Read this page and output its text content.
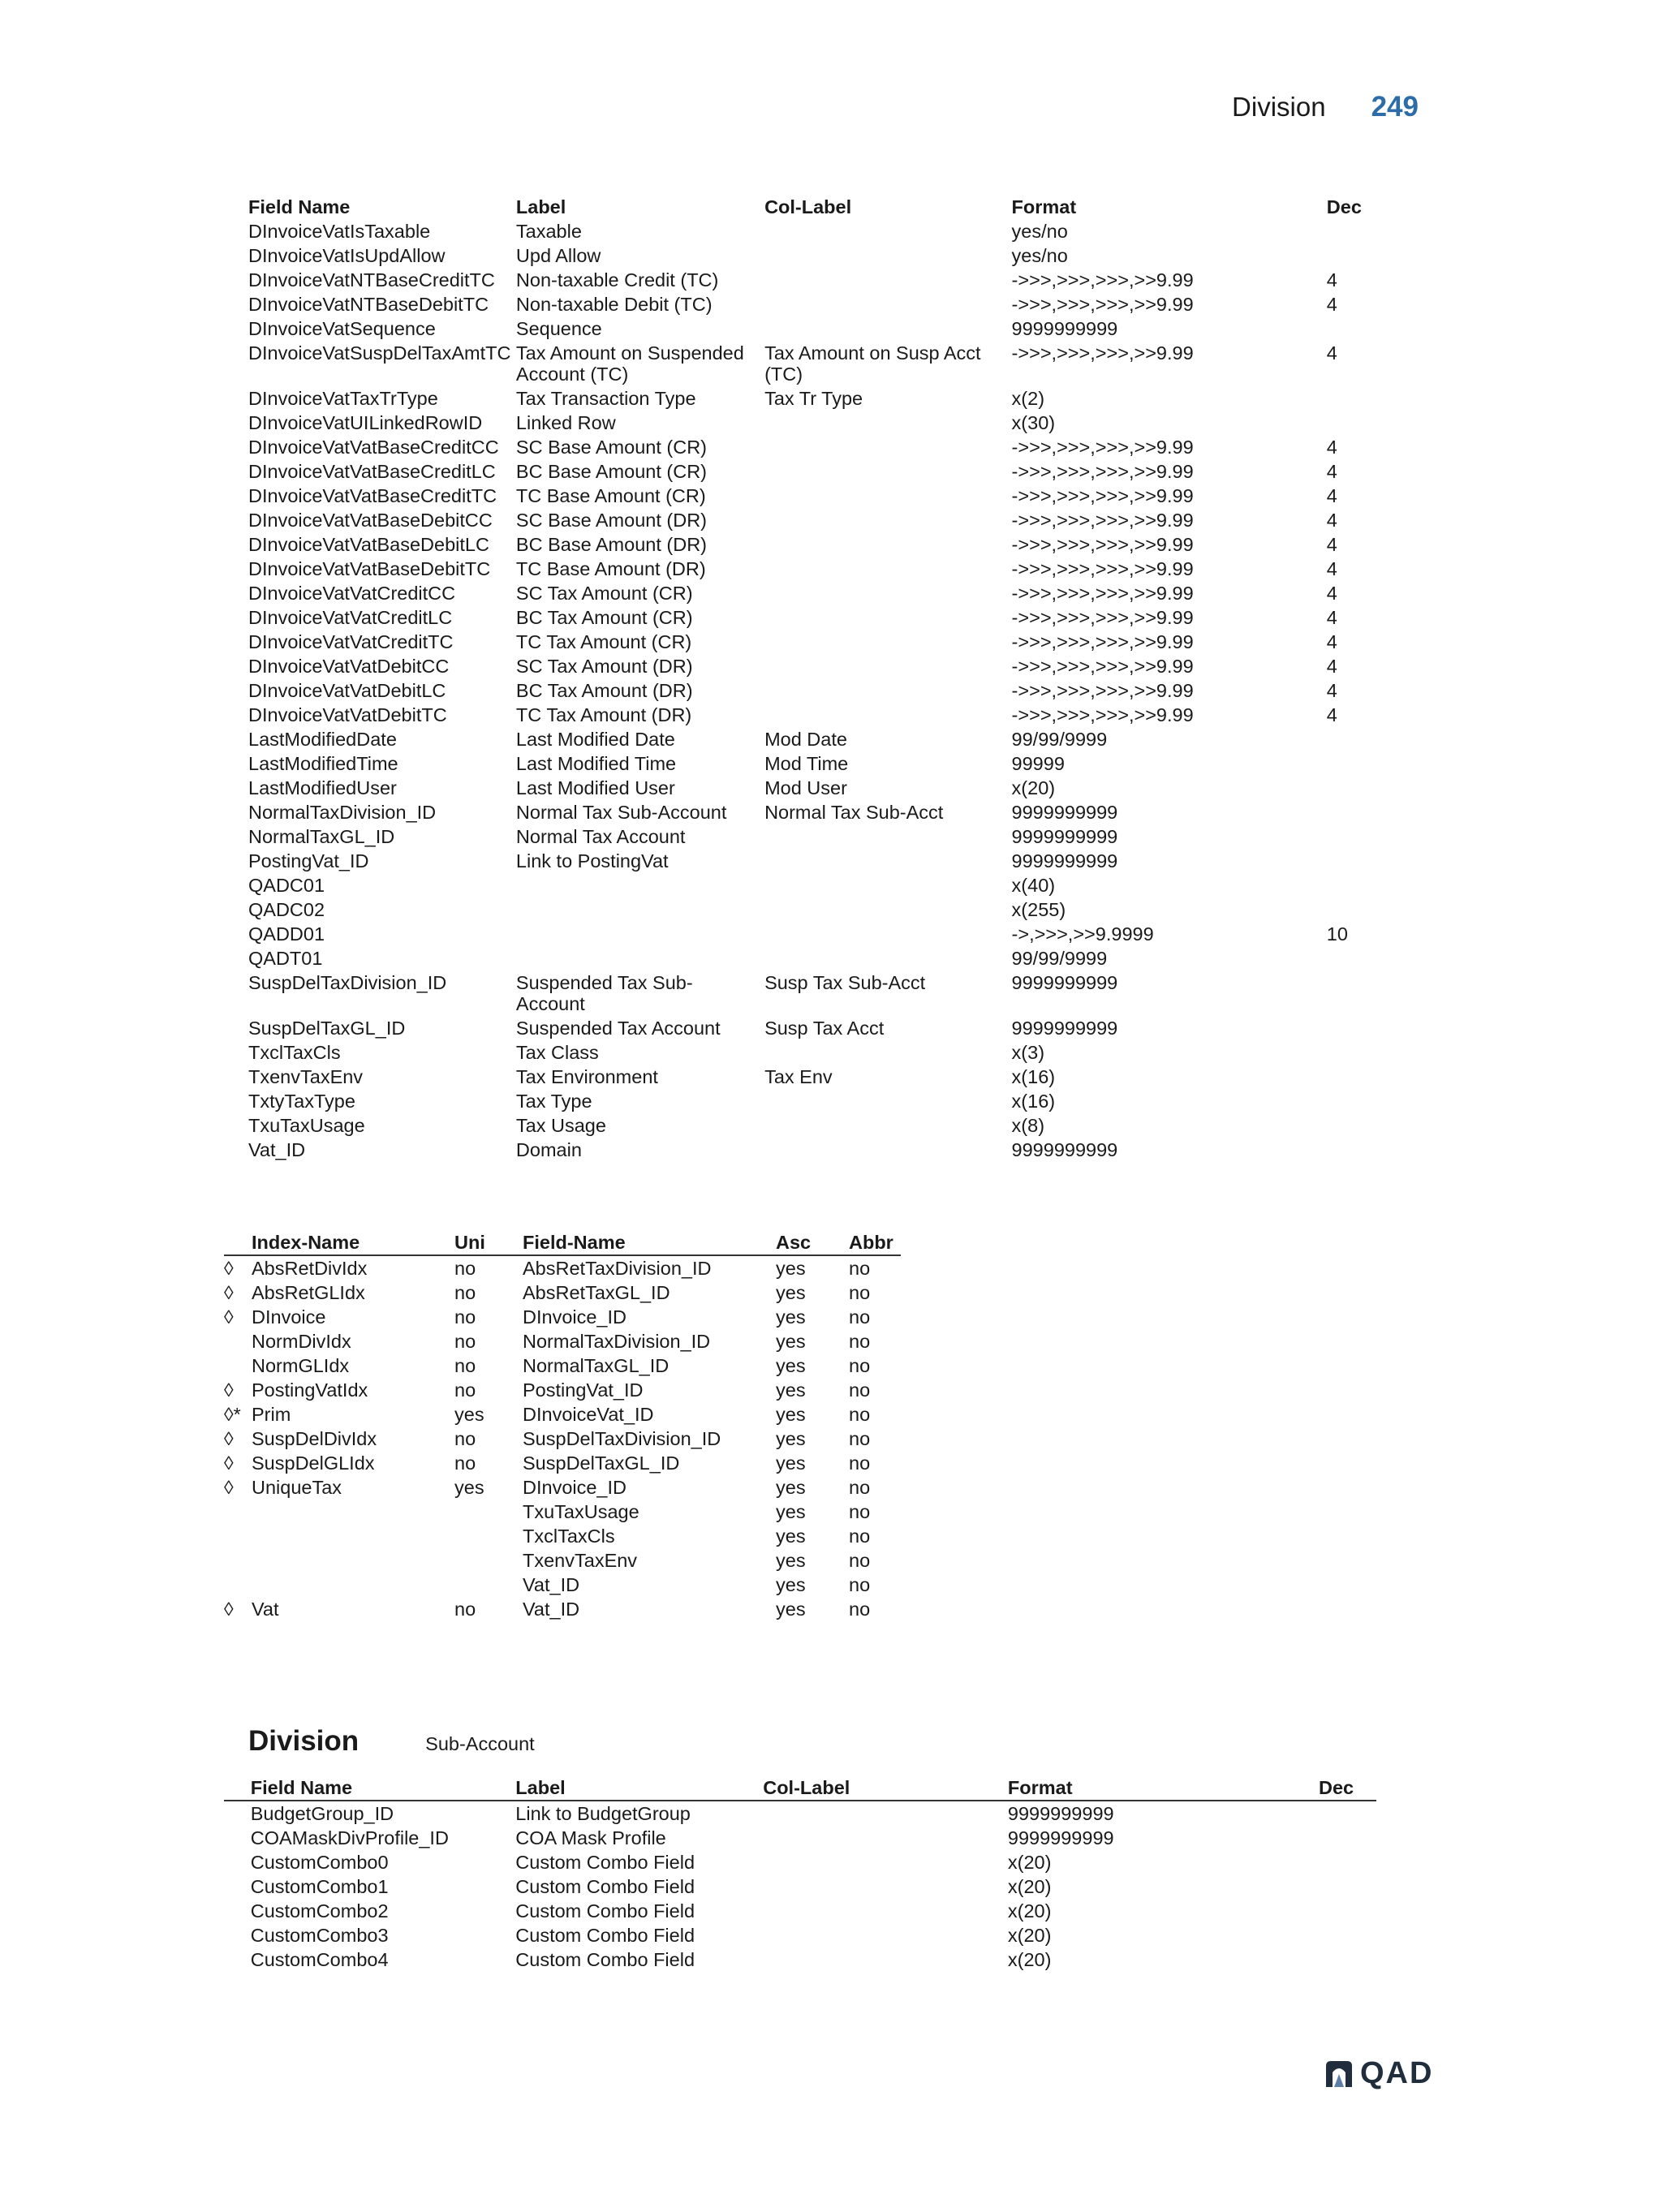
Division 249
Field Name	Label	Col-Label	Format	Dec
DInvoiceVatIsTaxable	Taxable		yes/no	
DInvoiceVatIsUpdAllow	Upd Allow		yes/no	
DInvoiceVatNTBaseCreditTC	Non-taxable Credit (TC)		->>>,>>>,>>>,>>9.99	4
DInvoiceVatNTBaseDebitTC	Non-taxable Debit (TC)		->>>,>>>,>>>,>>9.99	4
DInvoiceVatSequence	Sequence		9999999999	
DInvoiceVatSuspDelTaxAmtTC	Tax Amount on Suspended Account (TC)	Tax Amount on Susp Acct (TC)	->>>,>>>,>>>,>>9.99	4
DInvoiceVatTaxTrType	Tax Transaction Type	Tax Tr Type	x(2)	
DInvoiceVatUILinkedRowID	Linked Row		x(30)	
DInvoiceVatVatBaseCreditCC	SC Base Amount (CR)		->>>,>>>,>>>,>>9.99	4
DInvoiceVatVatBaseCreditLC	BC Base Amount (CR)		->>>,>>>,>>>,>>9.99	4
DInvoiceVatVatBaseCreditTC	TC Base Amount (CR)		->>>,>>>,>>>,>>9.99	4
DInvoiceVatVatBaseDebitCC	SC Base Amount (DR)		->>>,>>>,>>>,>>9.99	4
DInvoiceVatVatBaseDebitLC	BC Base Amount (DR)		->>>,>>>,>>>,>>9.99	4
DInvoiceVatVatBaseDebitTC	TC Base Amount (DR)		->>>,>>>,>>>,>>9.99	4
DInvoiceVatVatCreditCC	SC Tax Amount (CR)		->>>,>>>,>>>,>>9.99	4
DInvoiceVatVatCreditLC	BC Tax Amount (CR)		->>>,>>>,>>>,>>9.99	4
DInvoiceVatVatCreditTC	TC Tax Amount (CR)		->>>,>>>,>>>,>>9.99	4
DInvoiceVatVatDebitCC	SC Tax Amount (DR)		->>>,>>>,>>>,>>9.99	4
DInvoiceVatVatDebitLC	BC Tax Amount (DR)		->>>,>>>,>>>,>>9.99	4
DInvoiceVatVatDebitTC	TC Tax Amount (DR)		->>>,>>>,>>>,>>9.99	4
LastModifiedDate	Last Modified Date	Mod Date	99/99/9999	
LastModifiedTime	Last Modified Time	Mod Time	99999	
LastModifiedUser	Last Modified User	Mod User	x(20)	
NormalTaxDivision_ID	Normal Tax Sub-Account	Normal Tax Sub-Acct	9999999999	
NormalTaxGL_ID	Normal Tax Account		9999999999	
PostingVat_ID	Link to PostingVat		9999999999	
QADC01			x(40)	
QADC02			x(255)	
QADD01			->,>>>,>>9.9999	10
QADT01			99/99/9999	
SuspDelTaxDivision_ID	Suspended Tax Sub-Account	Susp Tax Sub-Acct	9999999999	
SuspDelTaxGL_ID	Suspended Tax Account	Susp Tax Acct	9999999999	
TxclTaxCls	Tax Class		x(3)	
TxenvTaxEnv	Tax Environment	Tax Env	x(16)	
TxtyTaxType	Tax Type		x(16)	
TxuTaxUsage	Tax Usage		x(8)	
Vat_ID	Domain		9999999999	
	Index-Name	Uni	Field-Name	Asc	Abbr
◊	AbsRetDivIdx	no	AbsRetTaxDivision_ID	yes	no
◊	AbsRetGLIdx	no	AbsRetTaxGL_ID	yes	no
◊	DInvoice	no	DInvoice_ID	yes	no
	NormDivIdx	no	NormalTaxDivision_ID	yes	no
	NormGLIdx	no	NormalTaxGL_ID	yes	no
◊	PostingVatIdx	no	PostingVat_ID	yes	no
◊*	Prim	yes	DInvoiceVat_ID	yes	no
◊	SuspDelDivIdx	no	SuspDelTaxDivision_ID	yes	no
◊	SuspDelGLIdx	no	SuspDelTaxGL_ID	yes	no
◊	UniqueTax	yes	DInvoice_ID	yes	no
			TxuTaxUsage	yes	no
			TxclTaxCls	yes	no
			TxenvTaxEnv	yes	no
			Vat_ID	yes	no
◊	Vat	no	Vat_ID	yes	no
Division	Sub-Account
	Field Name	Label	Col-Label	Format	Dec
	BudgetGroup_ID	Link to BudgetGroup		9999999999	
	COAMaskDivProfile_ID	COA Mask Profile		9999999999	
	CustomCombo0	Custom Combo Field		x(20)	
	CustomCombo1	Custom Combo Field		x(20)	
	CustomCombo2	Custom Combo Field		x(20)	
	CustomCombo3	Custom Combo Field		x(20)	
	CustomCombo4	Custom Combo Field		x(20)	
QAD
